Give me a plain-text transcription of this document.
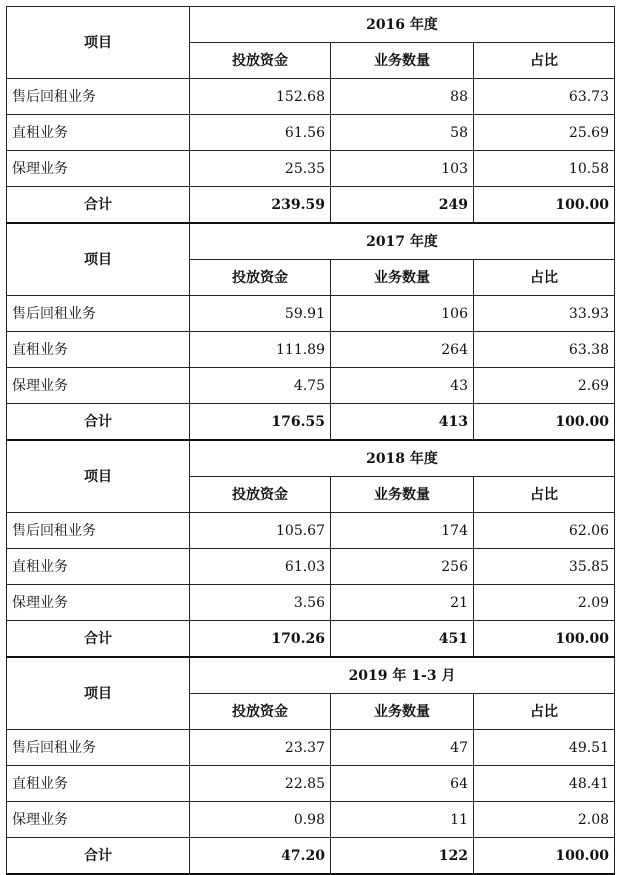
项目	2016 年度		
	投放资金	业务数量	占比
售后回租业务	152.68	88	63.73
直租业务	61.56	58	25.69
保理业务	25.35	103	10.58
合计	239.59	249	100.00
项目	2017 年度		
	投放资金	业务数量	占比
售后回租业务	59.91	106	33.93
直租业务	111.89	264	63.38
保理业务	4.75	43	2.69
合计	176.55	413	100.00
项目	2018 年度		
	投放资金	业务数量	占比
售后回租业务	105.67	174	62.06
直租业务	61.03	256	35.85
保理业务	3.56	21	2.09
合计	170.26	451	100.00
项目	2019 年 1-3 月		
	投放资金	业务数量	占比
售后回租业务	23.37	47	49.51
直租业务	22.85	64	48.41
保理业务	0.98	11	2.08
合计	47.20	122	100.00
